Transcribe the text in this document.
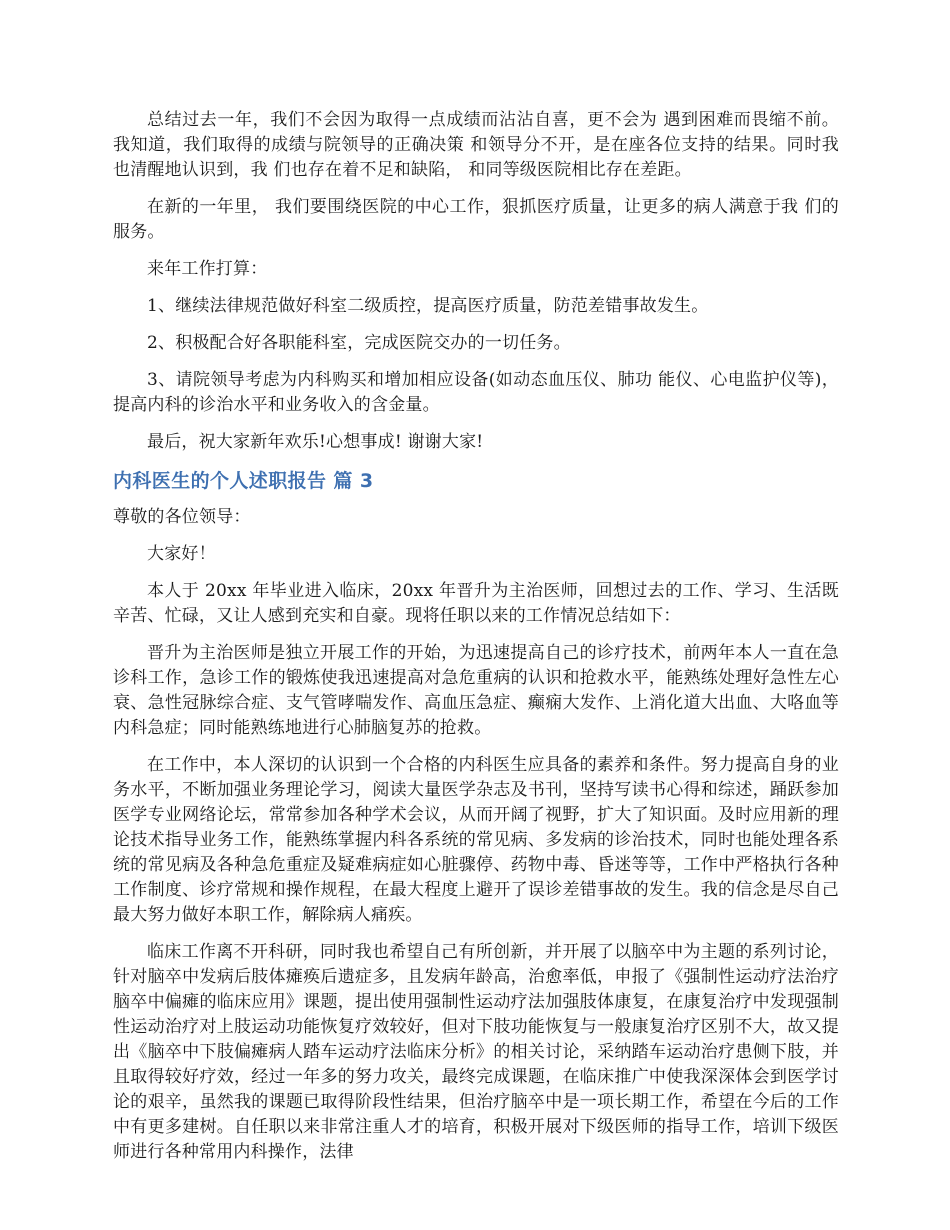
总结过去一年，我们不会因为取得一点成绩而沾沾自喜，更不会为 遇到困难而畏缩不前。我知道，我们取得的成绩与院领导的正确决策 和领导分不开，是在座各位支持的结果。同时我也清醒地认识到，我 们也存在着不足和缺陷， 和同等级医院相比存在差距。

在新的一年里， 我们要围绕医院的中心工作，狠抓医疗质量，让更多的病人满意于我 们的服务。

来年工作打算：

1、继续法律规范做好科室二级质控，提高医疗质量，防范差错事故发生。

2、积极配合好各职能科室，完成医院交办的一切任务。

3、请院领导考虑为内科购买和增加相应设备(如动态血压仪、肺功 能仪、心电监护仪等)，提高内科的诊治水平和业务收入的含金量。

最后，祝大家新年欢乐!心想事成! 谢谢大家!

内科医生的个人述职报告 篇 3

尊敬的各位领导：

大家好！

本人于 20xx 年毕业进入临床，20xx 年晋升为主治医师，回想过去的工作、学习、生活既辛苦、忙碌，又让人感到充实和自豪。现将任职以来的工作情况总结如下：

晋升为主治医师是独立开展工作的开始，为迅速提高自己的诊疗技术，前两年本人一直在急诊科工作，急诊工作的锻炼使我迅速提高对急危重病的认识和抢救水平，能熟练处理好急性左心衰、急性冠脉综合症、支气管哮喘发作、高血压急症、癫痫大发作、上消化道大出血、大咯血等内科急症；同时能熟练地进行心肺脑复苏的抢救。

在工作中，本人深切的认识到一个合格的内科医生应具备的素养和条件。努力提高自身的业务水平，不断加强业务理论学习，阅读大量医学杂志及书刊，坚持写读书心得和综述，踊跃参加医学专业网络论坛，常常参加各种学术会议，从而开阔了视野，扩大了知识面。及时应用新的理论技术指导业务工作，能熟练掌握内科各系统的常见病、多发病的诊治技术，同时也能处理各系统的常见病及各种急危重症及疑难病症如心脏骤停、药物中毒、昏迷等等，工作中严格执行各种工作制度、诊疗常规和操作规程，在最大程度上避开了误诊差错事故的发生。我的信念是尽自己最大努力做好本职工作，解除病人痛疾。

临床工作离不开科研，同时我也希望自己有所创新，并开展了以脑卒中为主题的系列讨论，针对脑卒中发病后肢体瘫痪后遗症多，且发病年龄高，治愈率低，申报了《强制性运动疗法治疗脑卒中偏瘫的临床应用》课题，提出使用强制性运动疗法加强肢体康复，在康复治疗中发现强制性运动治疗对上肢运动功能恢复疗效较好，但对下肢功能恢复与一般康复治疗区别不大，故又提出《脑卒中下肢偏瘫病人踏车运动疗法临床分析》的相关讨论，采纳踏车运动治疗患侧下肢，并且取得较好疗效，经过一年多的努力攻关，最终完成课题，在临床推广中使我深深体会到医学讨论的艰辛，虽然我的课题已取得阶段性结果，但治疗脑卒中是一项长期工作，希望在今后的工作中有更多建树。自任职以来非常注重人才的培育，积极开展对下级医师的指导工作，培训下级医师进行各种常用内科操作，法律
